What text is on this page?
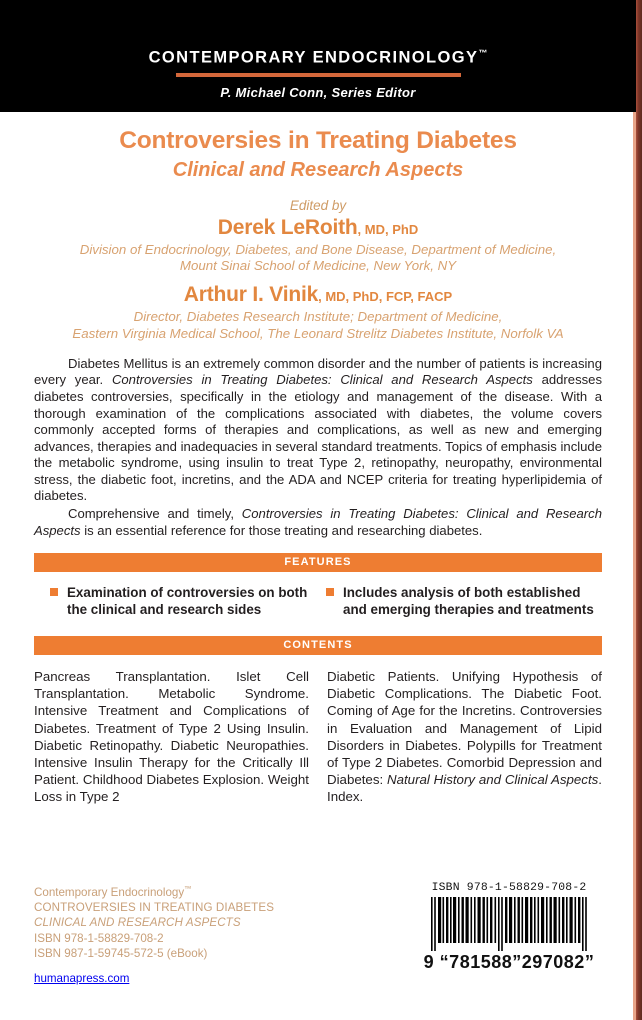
CONTEMPORARY ENDOCRINOLOGY™
P. Michael Conn, Series Editor
Controversies in Treating Diabetes
Clinical and Research Aspects
Edited by
Derek LeRoith, MD, PhD
Division of Endocrinology, Diabetes, and Bone Disease, Department of Medicine,
Mount Sinai School of Medicine, New York, NY
Arthur I. Vinik, MD, PhD, FCP, FACP
Director, Diabetes Research Institute; Department of Medicine,
Eastern Virginia Medical School, The Leonard Strelitz Diabetes Institute, Norfolk VA

Diabetes Mellitus is an extremely common disorder and the number of patients is increasing every year. Controversies in Treating Diabetes: Clinical and Research Aspects addresses diabetes controversies, specifically in the etiology and management of the disease. With a thorough examination of the complications associated with diabetes, the volume covers commonly accepted forms of therapies and complications, as well as new and emerging advances, therapies and inadequacies in several standard treatments. Topics of emphasis include the metabolic syndrome, using insulin to treat Type 2, retinopathy, neuropathy, environmental stress, the diabetic foot, incretins, and the ADA and NCEP criteria for treating hyperlipidemia of diabetes.

Comprehensive and timely, Controversies in Treating Diabetes: Clinical and Research Aspects is an essential reference for those treating and researching diabetes.

FEATURES
Examination of controversies on both the clinical and research sides
Includes analysis of both established and emerging therapies and treatments
CONTENTS
Pancreas Transplantation. Islet Cell Transplantation. Metabolic Syndrome. Intensive Treatment and Complications of Diabetes. Treatment of Type 2 Using Insulin. Diabetic Retinopathy. Diabetic Neuropathies. Intensive Insulin Therapy for the Critically Ill Patient. Childhood Diabetes Explosion. Weight Loss in Type 2
Diabetic Patients. Unifying Hypothesis of Diabetic Complications. The Diabetic Foot. Coming of Age for the Incretins. Controversies in Evaluation and Management of Lipid Disorders in Diabetes. Polypills for Treatment of Type 2 Diabetes. Comorbid Depression and Diabetes: Natural History and Clinical Aspects. Index.
Contemporary Endocrinology™
CONTROVERSIES IN TREATING DIABETES
CLINICAL AND RESEARCH ASPECTS
ISBN 978-1-58829-708-2
ISBN 987-1-59745-572-5 (eBook)
humanapress.com
ISBN 978-1-58829-708-2
9 “781588”297082”
